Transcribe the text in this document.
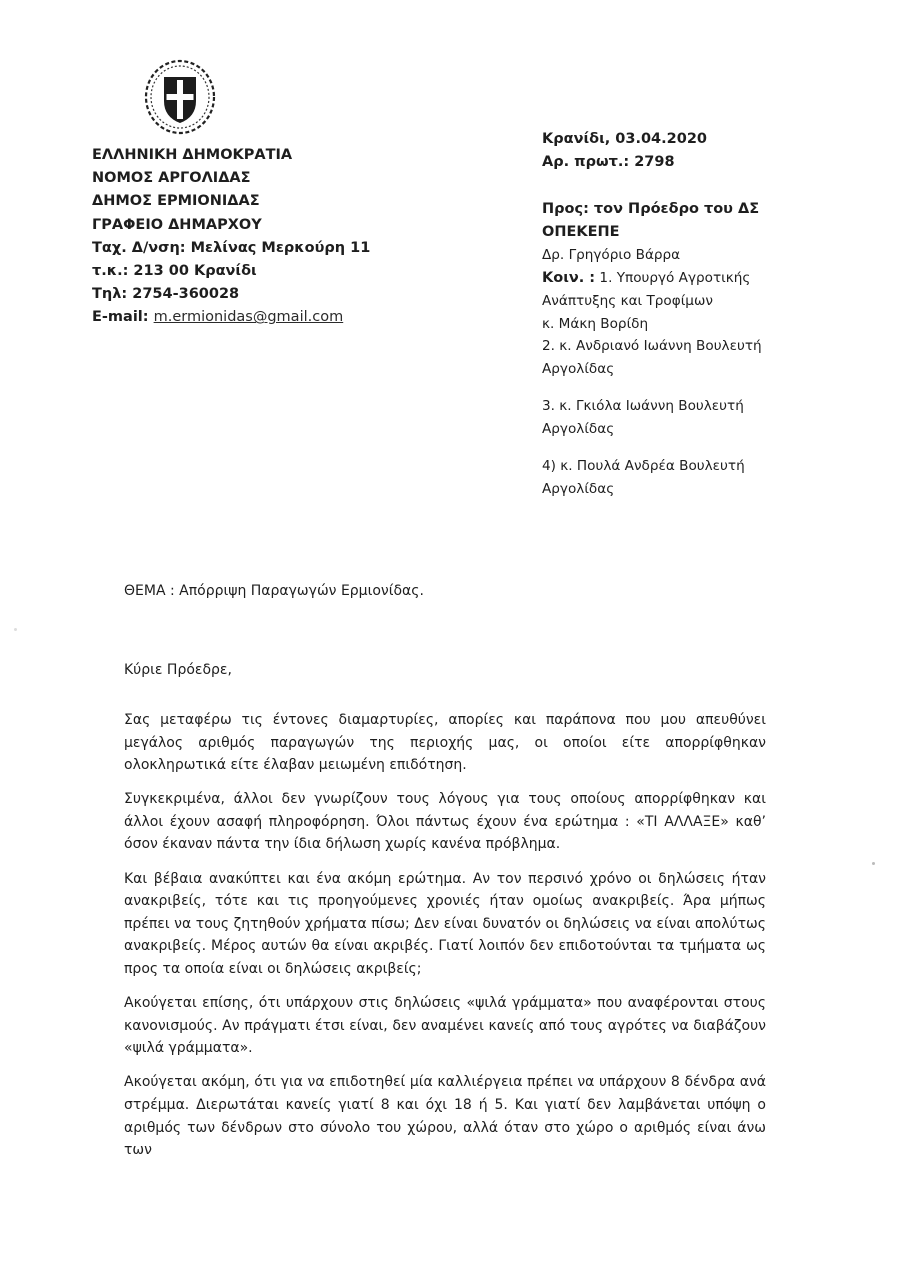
ΕΛΛΗΝΙΚΗ ΔΗΜΟΚΡΑΤΙΑ
ΝΟΜΟΣ ΑΡΓΟΛΙΔΑΣ
ΔΗΜΟΣ ΕΡΜΙΟΝΙΔΑΣ
ΓΡΑΦΕΙΟ ΔΗΜΑΡΧΟΥ
Ταχ. Δ/νση: Μελίνας Μερκούρη 11
τ.κ.: 213 00 Κρανίδι
Τηλ: 2754-360028
E-mail: m.ermionidas@gmail.com
Κρανίδι, 03.04.2020
Αρ. πρωτ.: 2798
Προς: τον Πρόεδρο του ΔΣ
ΟΠΕΚΕΠΕ
Δρ. Γρηγόριο Βάρρα
Κοιν. : 1. Υπουργό Αγροτικής
Ανάπτυξης και Τροφίμων
κ. Μάκη Βορίδη

2. κ. Ανδριανό Ιωάννη Βουλευτή
Αργολίδας

3. κ. Γκιόλα Ιωάννη Βουλευτή
Αργολίδας

4) κ. Πουλά Ανδρέα Βουλευτή
Αργολίδας

ΘΕΜΑ : Απόρριψη Παραγωγών Ερμιονίδας.
Κύριε Πρόεδρε,

Σας μεταφέρω τις έντονες διαμαρτυρίες, απορίες και παράπονα που μου απευθύνει μεγάλος αριθμός παραγωγών της περιοχής μας, οι οποίοι είτε απορρίφθηκαν ολοκληρωτικά είτε έλαβαν μειωμένη επιδότηση.

Συγκεκριμένα, άλλοι δεν γνωρίζουν τους λόγους για τους οποίους απορρίφθηκαν και άλλοι έχουν ασαφή πληροφόρηση. Όλοι πάντως έχουν ένα ερώτημα : «ΤΙ ΑΛΛΑΞΕ» καθ’ όσον έκαναν πάντα την ίδια δήλωση χωρίς κανένα πρόβλημα.

Και βέβαια ανακύπτει και ένα ακόμη ερώτημα. Αν τον περσινό χρόνο οι δηλώσεις ήταν ανακριβείς, τότε και τις προηγούμενες χρονιές ήταν ομοίως ανακριβείς. Άρα μήπως πρέπει να τους ζητηθούν χρήματα πίσω; Δεν είναι δυνατόν οι δηλώσεις να είναι απολύτως ανακριβείς. Μέρος αυτών θα είναι ακριβές. Γιατί λοιπόν δεν επιδοτούνται τα τμήματα ως προς τα οποία είναι οι δηλώσεις ακριβείς;

Ακούγεται επίσης, ότι υπάρχουν στις δηλώσεις «ψιλά γράμματα» που αναφέρονται στους κανονισμούς. Αν πράγματι έτσι είναι, δεν αναμένει κανείς από τους αγρότες να διαβάζουν «ψιλά γράμματα».

Ακούγεται ακόμη, ότι για να επιδοτηθεί μία καλλιέργεια πρέπει να υπάρχουν 8 δένδρα ανά στρέμμα. Διερωτάται κανείς γιατί 8 και όχι 18 ή 5. Και γιατί δεν λαμβάνεται υπόψη ο αριθμός των δένδρων στο σύνολο του χώρου, αλλά όταν στο χώρο ο αριθμός είναι άνω των
